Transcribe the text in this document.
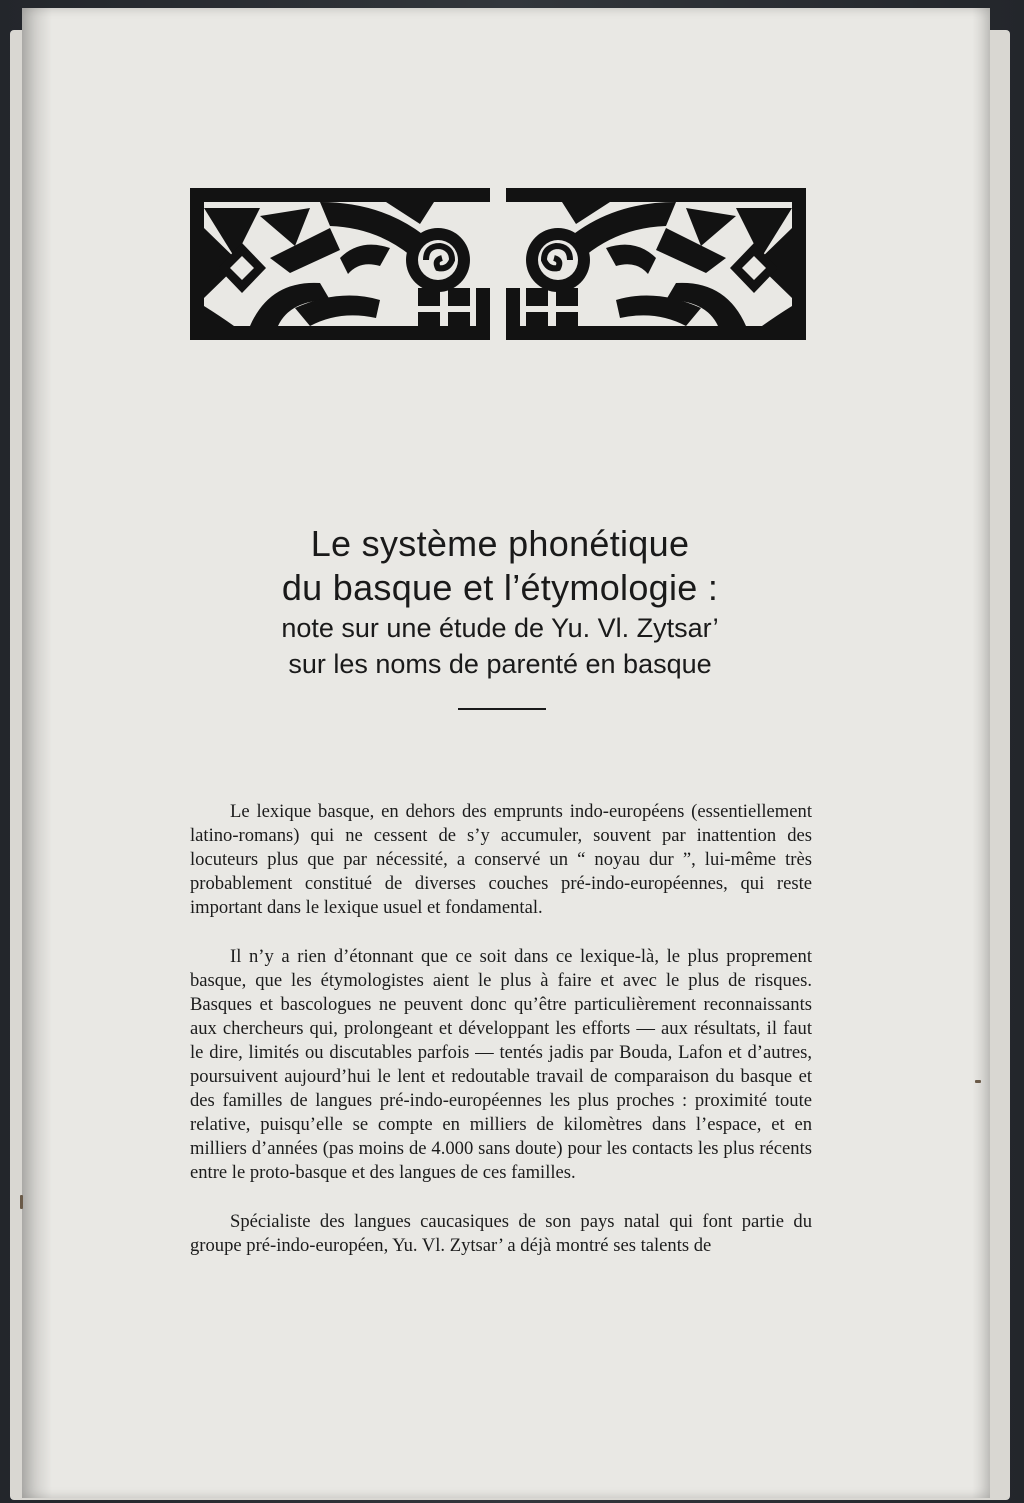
Le système phonétique
du basque et l’étymologie :
note sur une étude de Yu. Vl. Zytsar’
sur les noms de parenté en basque

Le lexique basque, en dehors des emprunts indo-européens (essentiellement latino-romans) qui ne cessent de s’y accumuler, souvent par inattention des locuteurs plus que par nécessité, a conservé un “ noyau dur ”, lui-même très probablement constitué de diverses couches pré-indo-européennes, qui reste important dans le lexique usuel et fondamental.

Il n’y a rien d’étonnant que ce soit dans ce lexique-là, le plus proprement basque, que les étymologistes aient le plus à faire et avec le plus de risques. Basques et bascologues ne peuvent donc qu’être particulièrement reconnaissants aux chercheurs qui, prolongeant et développant les efforts — aux résultats, il faut le dire, limités ou discutables parfois — tentés jadis par Bouda, Lafon et d’autres, poursuivent aujourd’hui le lent et redoutable travail de comparaison du basque et des familles de langues pré-indo-européennes les plus proches : proximité toute relative, puisqu’elle se compte en milliers de kilomètres dans l’espace, et en milliers d’années (pas moins de 4.000 sans doute) pour les contacts les plus récents entre le proto-basque et des langues de ces familles.

Spécialiste des langues caucasiques de son pays natal qui font partie du groupe pré-indo-européen, Yu. Vl. Zytsar’ a déjà montré ses talents de
